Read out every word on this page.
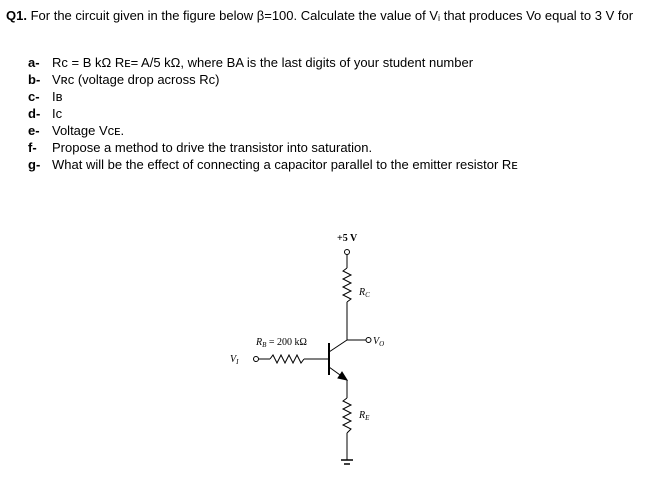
Q1. For the circuit given in the figure below β=100. Calculate the value of Vᵢ that produces Vo equal to 3 V for
a- Rᴄ = B kΩ Rᴇ= A/5 kΩ, where BA is the last digits of your student number
b- Vʀᴄ (voltage drop across Rᴄ)
c- Iʙ
d- Iᴄ
e- Voltage Vᴄᴇ.
f- Propose a method to drive the transistor into saturation.
g- What will be the effect of connecting a capacitor parallel to the emitter resistor Rᴇ
+5 V
$R_C$
$R_E$
$R_B = 200$ kΩ
$V_I$
$V_O$
